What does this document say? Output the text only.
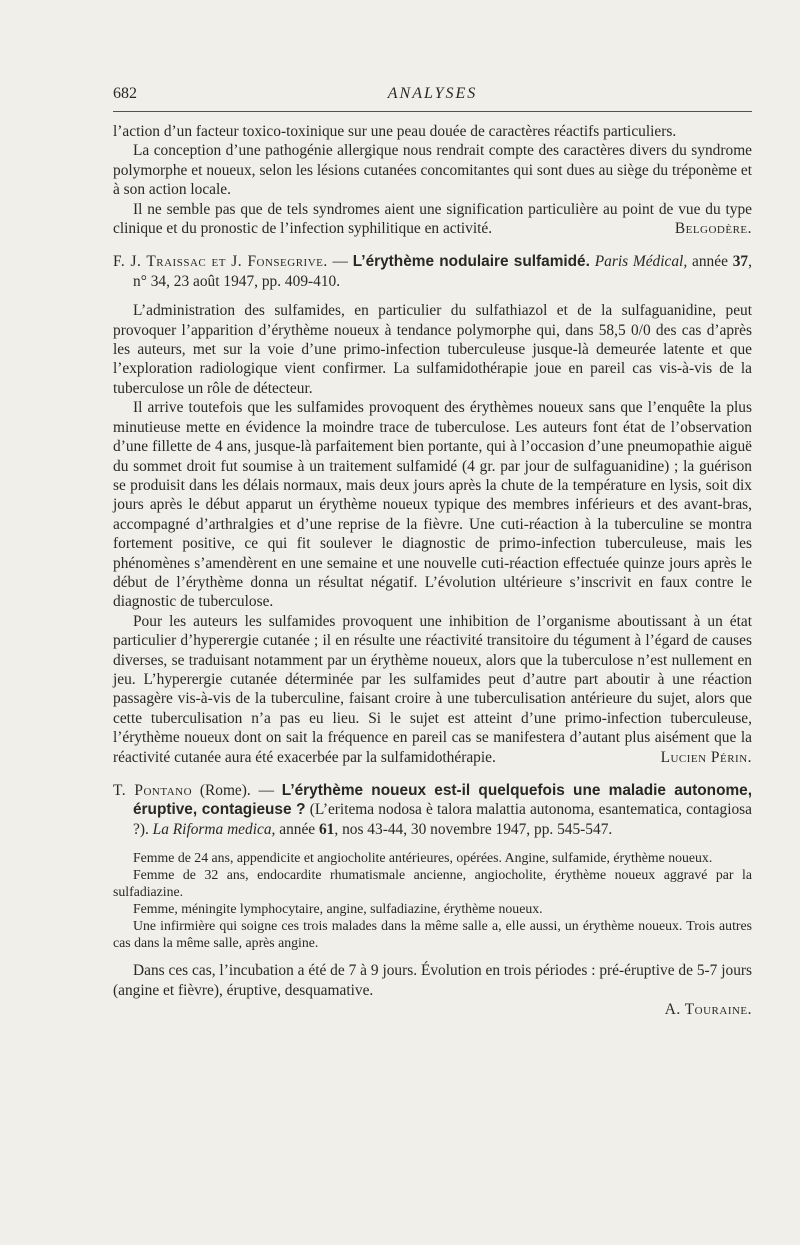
682	ANALYSES

l’action d’un facteur toxico-toxinique sur une peau douée de caractères réactifs particuliers.

La conception d’une pathogénie allergique nous rendrait compte des caractères divers du syndrome polymorphe et noueux, selon les lésions cutanées concomitantes qui sont dues au siège du tréponème et à son action locale.

Il ne semble pas que de tels syndromes aient une signification particulière au point de vue du type clinique et du pronostic de l’infection syphilitique en activité.	Belgodère.

F. J. Traissac et J. Fonsegrive. — L’érythème nodulaire sulfamidé. Paris Médical, année 37, n° 34, 23 août 1947, pp. 409-410.

L’administration des sulfamides, en particulier du sulfathiazol et de la sulfaguanidine, peut provoquer l’apparition d’érythème noueux à tendance polymorphe qui, dans 58,5 0/0 des cas d’après les auteurs, met sur la voie d’une primo-infection tuberculeuse jusque-là demeurée latente et que l’exploration radiologique vient confirmer. La sulfamidothérapie joue en pareil cas vis-à-vis de la tuberculose un rôle de détecteur.

Il arrive toutefois que les sulfamides provoquent des érythèmes noueux sans que l’enquête la plus minutieuse mette en évidence la moindre trace de tuberculose. Les auteurs font état de l’observation d’une fillette de 4 ans, jusque-là parfaitement bien portante, qui à l’occasion d’une pneumopathie aiguë du sommet droit fut soumise à un traitement sulfamidé (4 gr. par jour de sulfaguanidine) ; la guérison se produisit dans les délais normaux, mais deux jours après la chute de la température en lysis, soit dix jours après le début apparut un érythème noueux typique des membres inférieurs et des avant-bras, accompagné d’arthralgies et d’une reprise de la fièvre. Une cuti-réaction à la tuberculine se montra fortement positive, ce qui fit soulever le diagnostic de primo-infection tuberculeuse, mais les phénomènes s’amendèrent en une semaine et une nouvelle cuti-réaction effectuée quinze jours après le début de l’érythème donna un résultat négatif. L’évolution ultérieure s’inscrivit en faux contre le diagnostic de tuberculose.

Pour les auteurs les sulfamides provoquent une inhibition de l’organisme aboutissant à un état particulier d’hyperergie cutanée ; il en résulte une réactivité transitoire du tégument à l’égard de causes diverses, se traduisant notamment par un érythème noueux, alors que la tuberculose n’est nullement en jeu. L’hyperergie cutanée déterminée par les sulfamides peut d’autre part aboutir à une réaction passagère vis-à-vis de la tuberculine, faisant croire à une tuberculisation antérieure du sujet, alors que cette tuberculisation n’a pas eu lieu. Si le sujet est atteint d’une primo-infection tuberculeuse, l’érythème noueux dont on sait la fréquence en pareil cas se manifestera d’autant plus aisément que la réactivité cutanée aura été exacerbée par la sulfamidothérapie.	Lucien Périn.

T. Pontano (Rome). — L’érythème noueux est-il quelquefois une maladie autonome, éruptive, contagieuse ? (L’eritema nodosa è talora malattia autonoma, esantematica, contagiosa ?). La Riforma medica, année 61, nos 43-44, 30 novembre 1947, pp. 545-547.

Femme de 24 ans, appendicite et angiocholite antérieures, opérées. Angine, sulfamide, érythème noueux.

Femme de 32 ans, endocardite rhumatismale ancienne, angiocholite, érythème noueux aggravé par la sulfadiazine.

Femme, méningite lymphocytaire, angine, sulfadiazine, érythème noueux.

Une infirmière qui soigne ces trois malades dans la même salle a, elle aussi, un érythème noueux. Trois autres cas dans la même salle, après angine.

Dans ces cas, l’incubation a été de 7 à 9 jours. Évolution en trois périodes : pré-éruptive de 5-7 jours (angine et fièvre), éruptive, desquamative.

A. Touraine.
